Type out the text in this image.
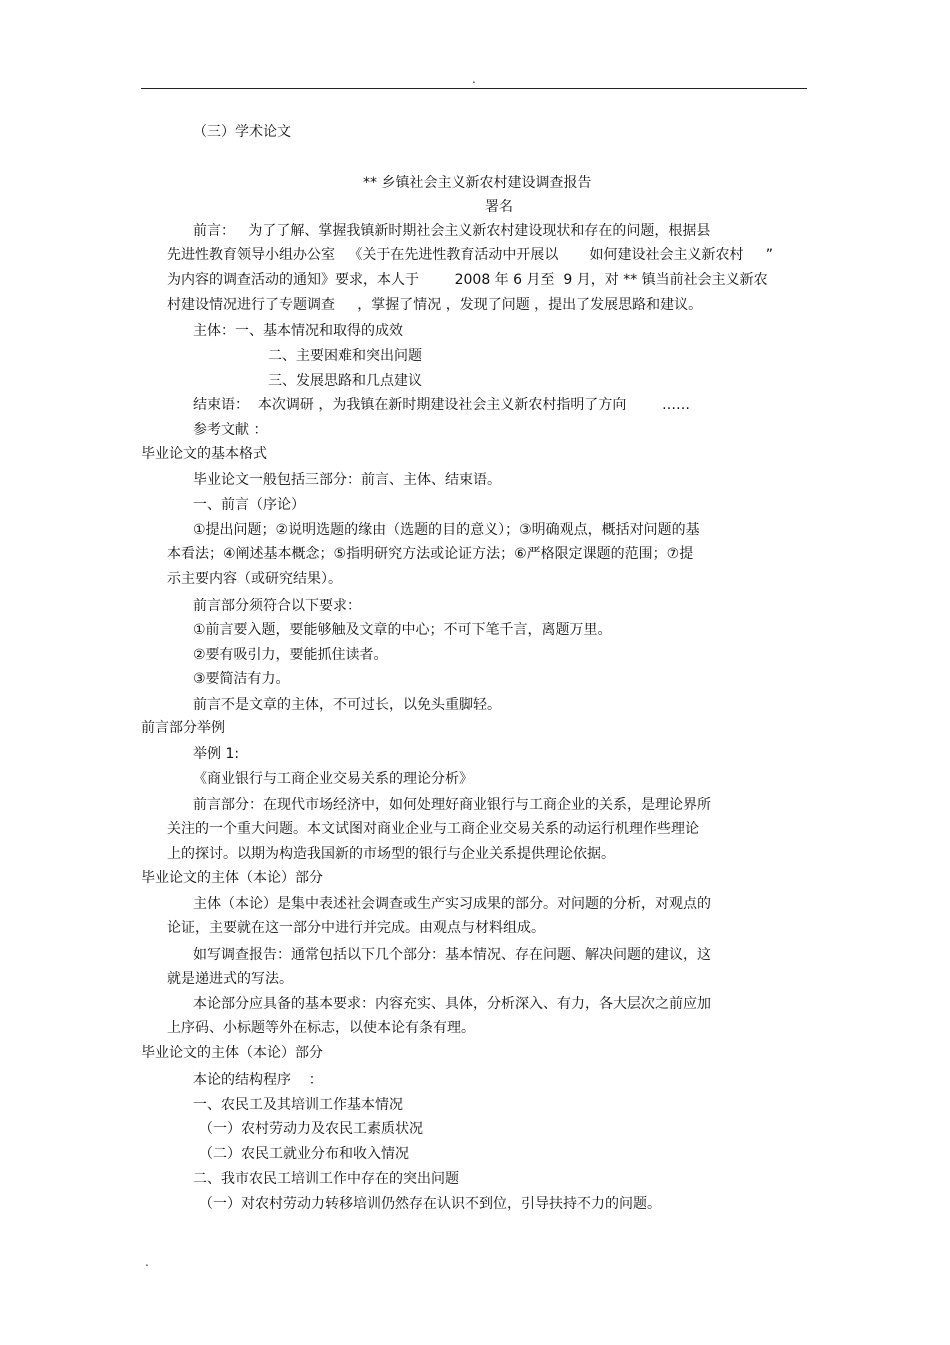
.
（三）学术论文
** 乡镇社会主义新农村建设调查报告
署名
前言：   为了了解、掌握我镇新时期社会主义新农村建设现状和存在的问题，根据县
先进性教育领导小组办公室   《关于在先进性教育活动中开展以       如何建设社会主义新农村     ”
为内容的调查活动的通知》要求，本人于        2008 年 6 月至  9 月，对 ** 镇当前社会主义新农
村建设情况进行了专题调查     ，掌握了情况 ，发现了问题 ，提出了发展思路和建议。
主体：一、基本情况和取得的成效
二、主要困难和突出问题
三、发展思路和几点建议
结束语：  本次调研 ，为我镇在新时期建设社会主义新农村指明了方向        ……
参考文献 ：
毕业论文的基本格式
毕业论文一般包括三部分：前言、主体、结束语。
一、前言（序论）
①提出问题；②说明选题的缘由（选题的目的意义）；③明确观点，概括对问题的基
本看法；④阐述基本概念；⑤指明研究方法或论证方法；⑥严格限定课题的范围；⑦提
示主要内容（或研究结果）。
前言部分须符合以下要求：
①前言要入题，要能够触及文章的中心；不可下笔千言，离题万里。
②要有吸引力，要能抓住读者。
③要简洁有力。
前言不是文章的主体，不可过长，以免头重脚轻。
前言部分举例
举例 1:
《商业银行与工商企业交易关系的理论分析》
前言部分：在现代市场经济中，如何处理好商业银行与工商企业的关系，是理论界所
关注的一个重大问题。本文试图对商业企业与工商企业交易关系的动运行机理作些理论
上的探讨。以期为构造我国新的市场型的银行与企业关系提供理论依据。
毕业论文的主体（本论）部分
主体（本论）是集中表述社会调查或生产实习成果的部分。对问题的分析，对观点的
论证，主要就在这一部分中进行并完成。由观点与材料组成。
如写调查报告：通常包括以下几个部分：基本情况、存在问题、解决问题的建议，这
就是递进式的写法。
本论部分应具备的基本要求：内容充实、具体，分析深入、有力，各大层次之前应加
上序码、小标题等外在标志，以使本论有条有理。
毕业论文的主体（本论）部分
本论的结构程序    ：
一、农民工及其培训工作基本情况
（一）农村劳动力及农民工素质状况
（二）农民工就业分布和收入情况
二、我市农民工培训工作中存在的突出问题
（一）对农村劳动力转移培训仍然存在认识不到位，引导扶持不力的问题。
.
